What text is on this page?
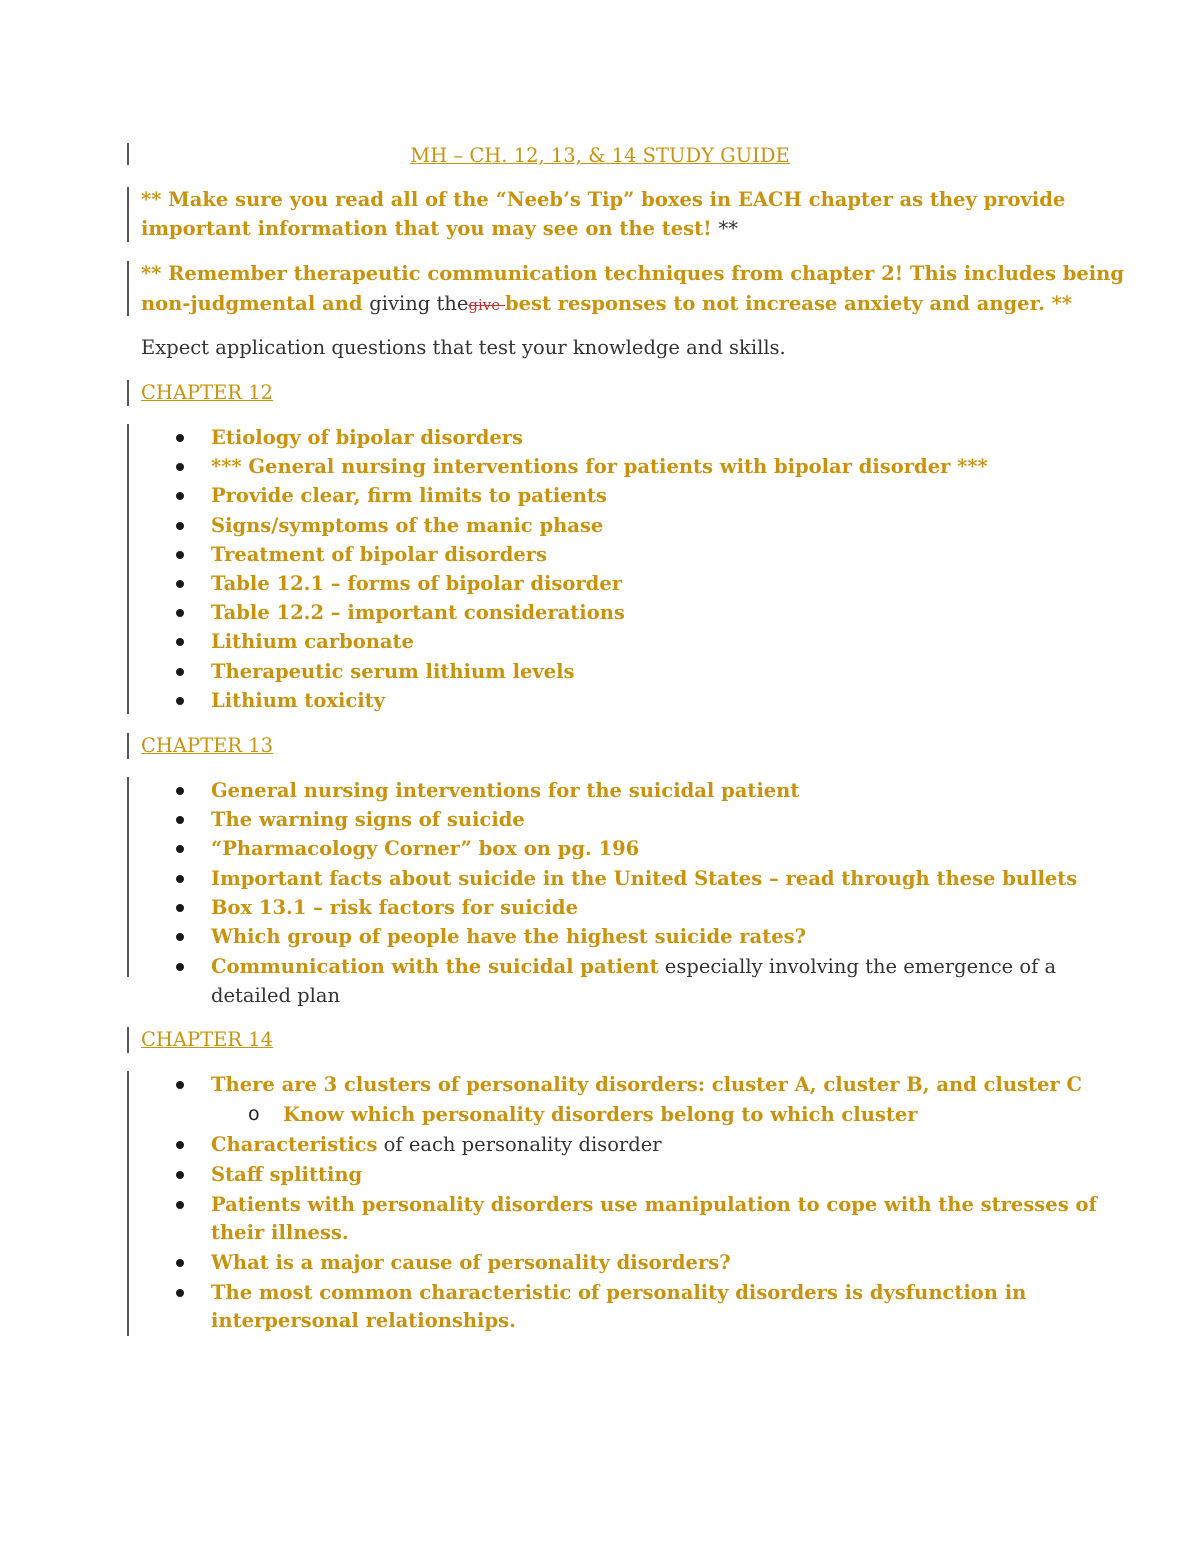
MH – CH. 12, 13, & 14 STUDY GUIDE
** Make sure you read all of the “Neeb’s Tip” boxes in EACH chapter as they provide
important information that you may see on the test! **
** Remember therapeutic communication techniques from chapter 2! This includes being
non-judgmental and giving thegive best responses to not increase anxiety and anger. **
Expect application questions that test your knowledge and skills.
CHAPTER 12
Etiology of bipolar disorders
*** General nursing interventions for patients with bipolar disorder ***
Provide clear, firm limits to patients
Signs/symptoms of the manic phase
Treatment of bipolar disorders
Table 12.1 – forms of bipolar disorder
Table 12.2 – important considerations
Lithium carbonate
Therapeutic serum lithium levels
Lithium toxicity
CHAPTER 13
General nursing interventions for the suicidal patient
The warning signs of suicide
“Pharmacology Corner” box on pg. 196
Important facts about suicide in the United States – read through these bullets
Box 13.1 – risk factors for suicide
Which group of people have the highest suicide rates?
Communication with the suicidal patient especially involving the emergence of a
detailed plan
CHAPTER 14
There are 3 clusters of personality disorders: cluster A, cluster B, and cluster C
o Know which personality disorders belong to which cluster
Characteristics of each personality disorder
Staff splitting
Patients with personality disorders use manipulation to cope with the stresses of
their illness.
What is a major cause of personality disorders?
The most common characteristic of personality disorders is dysfunction in
interpersonal relationships.
